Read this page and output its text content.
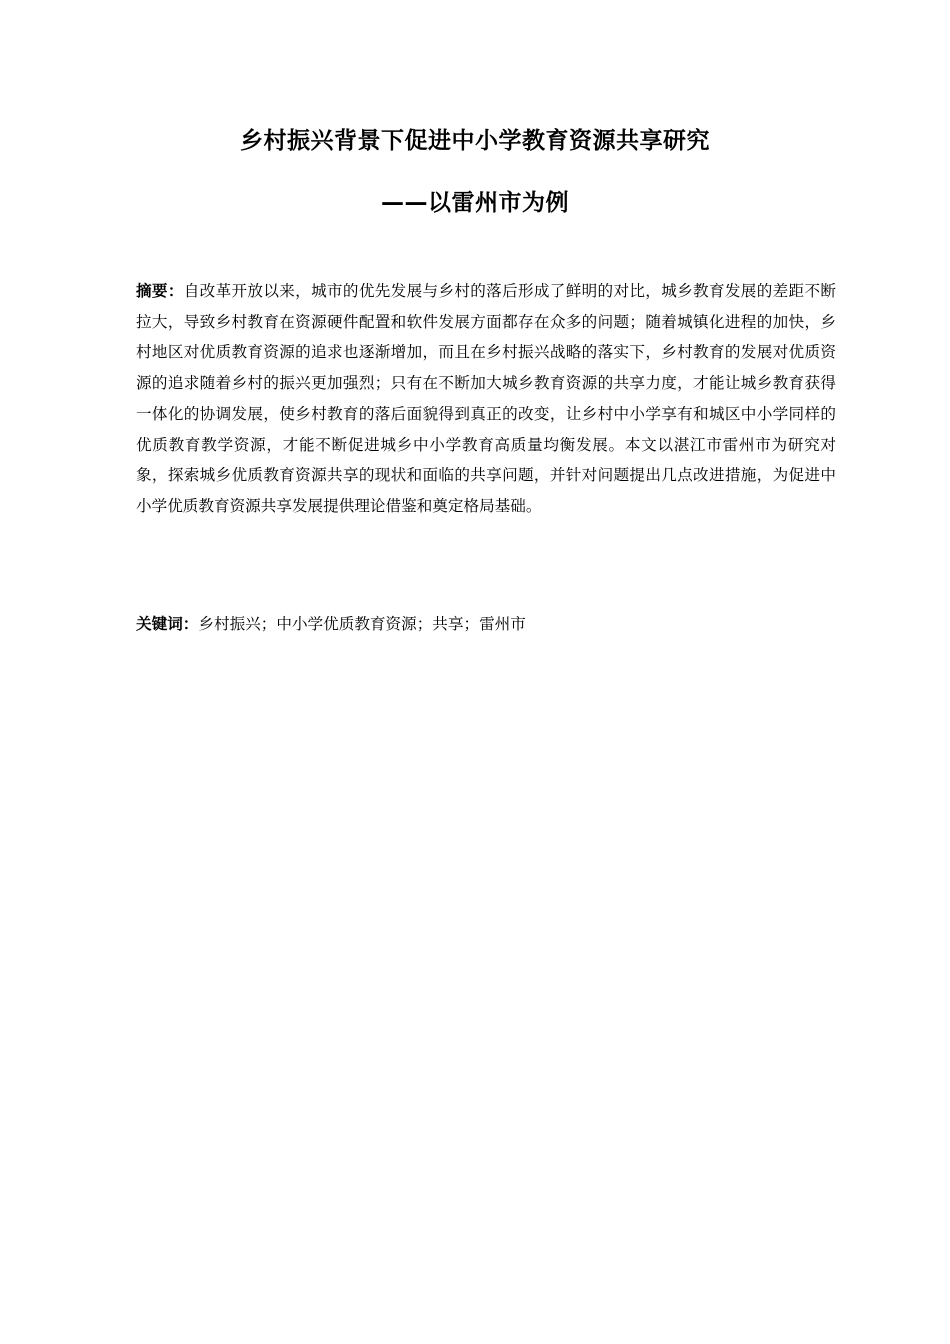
乡村振兴背景下促进中小学教育资源共享研究
——以雷州市为例

摘要：自改革开放以来，城市的优先发展与乡村的落后形成了鲜明的对比，城乡教育发展的差距不断拉大，导致乡村教育在资源硬件配置和软件发展方面都存在众多的问题；随着城镇化进程的加快，乡村地区对优质教育资源的追求也逐渐增加，而且在乡村振兴战略的落实下，乡村教育的发展对优质资源的追求随着乡村的振兴更加强烈；只有在不断加大城乡教育资源的共享力度，才能让城乡教育获得一体化的协调发展，使乡村教育的落后面貌得到真正的改变，让乡村中小学享有和城区中小学同样的优质教育教学资源，才能不断促进城乡中小学教育高质量均衡发展。本文以湛江市雷州市为研究对象，探索城乡优质教育资源共享的现状和面临的共享问题，并针对问题提出几点改进措施，为促进中小学优质教育资源共享发展提供理论借鉴和奠定格局基础。

关键词：乡村振兴；中小学优质教育资源；共享；雷州市
